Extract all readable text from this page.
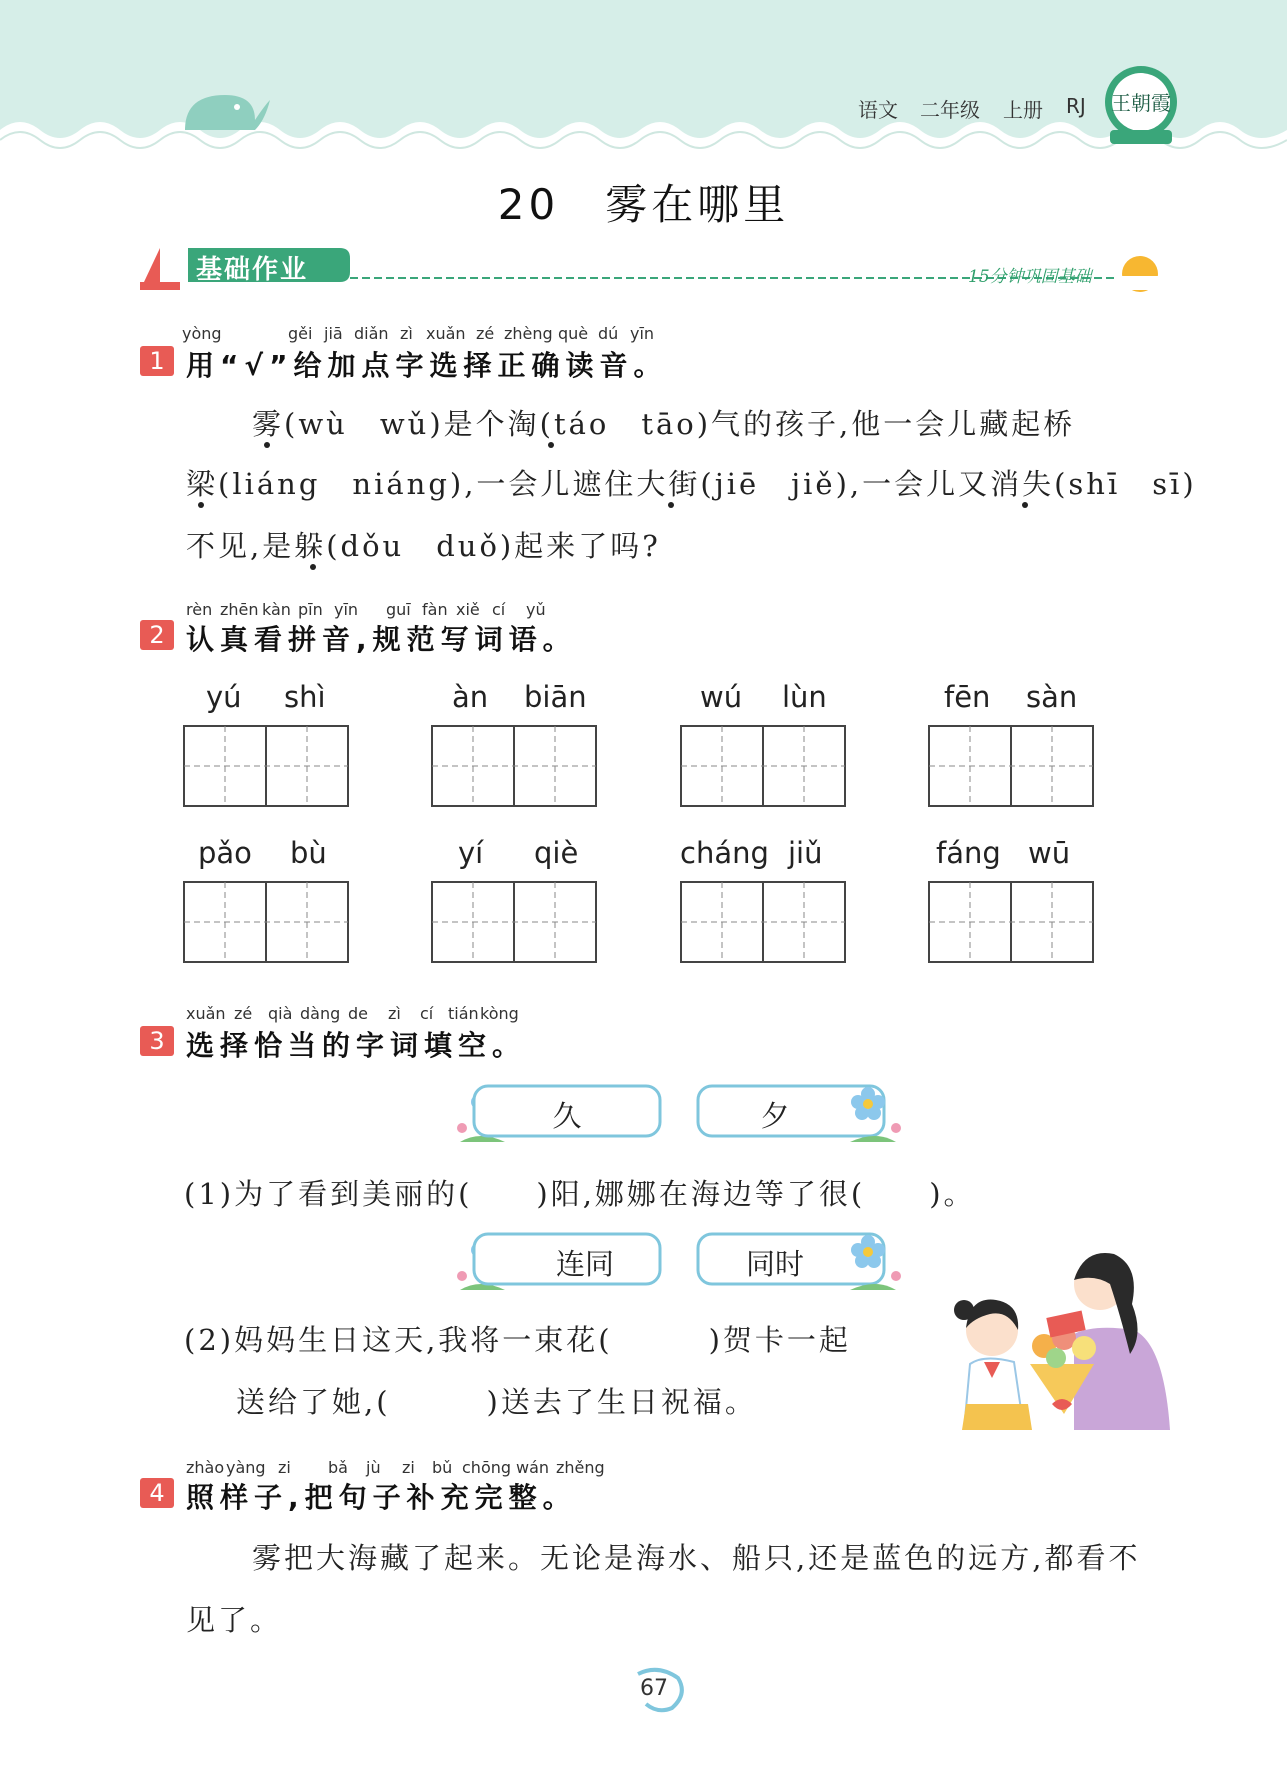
语文 二年级 上册 RJ 王朝霞
20　雾在哪里
基础作业	15分钟巩固基础
yòng	gěi jiā diǎn zì xuǎn zé zhèng què dú yīn
1 用“√”给加点字选择正确读音。
雾(wù　wǔ)是个淘(táo　tāo)气的孩子,他一会儿藏起桥
梁(liáng　niáng),一会儿遮住大街(jiē　jiě),一会儿又消失(shī　sī)
不见,是躲(dǒu　duǒ)起来了吗?
rèn zhēn kàn pīn yīn guī fàn xiě cí yǔ
2 认真看拼音,规范写词语。
yú shì	àn biān	wú lùn	fēn sàn
pǎo bù	yí qiè	cháng jiǔ	fáng wū
xuǎn zé qià dàng de zì cí tián kòng
3 选择恰当的字词填空。
久	夕
(1)为了看到美丽的(　　)阳,娜娜在海边等了很(　　)。
连同	同时
(2)妈妈生日这天,我将一束花(　　　)贺卡一起
送给了她,(　　　)送去了生日祝福。
zhào yàng zi bǎ jù zi bǔ chōng wán zhěng
4 照样子,把句子补充完整。
雾把大海藏了起来。无论是海水、船只,还是蓝色的远方,都看不
见了。
67
